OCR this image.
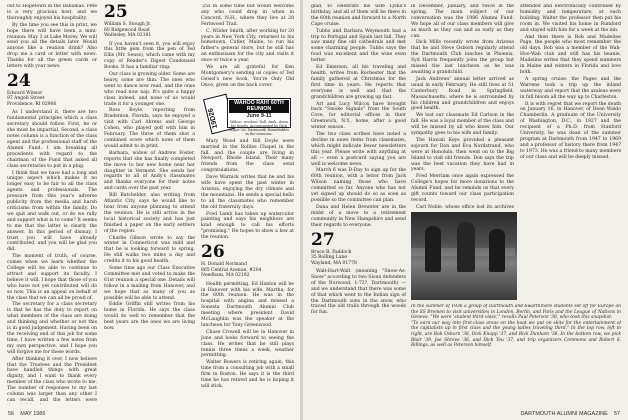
out to Hopetown in the Bahamas. Pete is a very gracious host, and we thoroughly enjoyed his hospitality.

By the time you see this in print, we hope there will have been a mini-reunion: May 3 at Lake Morey. We will send you all the details later. Would anyone like a reunion drink? Also drop me a card or letter with news. Thanks for all the green cards or letters with your news.

24
Edward Winsor
97 Angell Street
Providence, RI 02906

As I understand it, there are two fundamental principles which a class secretary should follow. First, he or she must be impartial. Second, a class notes column is a function of the class agent and the professional staff of the Alumni Fund. I am breaking all precedents with regard to the chairman of the Fund that asked all class secretaries to put in a plug.

I think that we have had a long and unique aspect which makes it no longer easy to be fair to all the class agents and professionals. The pressure from this year's adverse publicity from the media and harsh criticisms from within the family. Do we quit and walk out, or do we rally and support what is to come? It seems to me that the latter is clearly the answer. In this period of dismay, I trust you will have already contributed, and you will be glad you did.

The moment of truth, of course, comes when we learn whether the College will be able to continue to attract and support its faculty. I believe it will. I hope that those of you who have not yet contributed will do so now. This is an appeal on behalf of the class that we can all be proud of.

The secretary for a class secretary is that he has the duty to report on what members of the class are doing and thinking and whether or not this is in good judgement. Having been on the receiving end of this job for some time, I have written a few notes from my own perspective, and I hope you will forgive me for these words.

After thinking it over, I now believe that the Trustees and the President have handled things with great dignity, and I want to thank every member of the class who wrote to me. The number of responses to my last column was larger than any other I can recall, and the letters were

25
William S. Stough Jr.
60 Ridgewood Road
Wellesley, MA 02181

If you haven't seen it, you will enjoy this little gem from the pen of Ted Ellis (Mr. Seuss), which came with my copy of Reader's Digest Condensed Books. It has a familiar ring:

Our class is growing older. Some are heavy, some are thin. The ones who went to dance now read, and the ones who read now nap. It's quite a happy class indeed, and none of us would trade it for a younger one.

Ross Boyle, reporting from Bradenton, Florida, says he enjoyed a visit with Carl Ahrens and George Cohen, who played golf with him in February. The three of them shot a combined score which none of them would admit to in print.

Barbara, widow of Andrew Foster, reports that she has finally completed the move to her new home near her daughter in Vermont. She sends her regards to all of Andy's classmates and thanks everyone for their notes and cards over the past year.

Bill Batchelder, also writing from Atlantic City, says he would like to hear from anyone planning to attend the reunion. He is still active in the local historical society and has just finished a paper on the early settlers of the region.

Charlie Gibson wrote to say the winter in Connecticut was mild and that he is looking forward to spring. He still walks two miles a day and credits it to his good health.

Some time ago our Class Executive Committee met and voted to make the 61st reunion a special one. Details will follow in a mailing from Hanover, and we hope that as many of you as possible will be able to attend.

Eddie Griffin still writes from his home in Florida. He says the class would do well to remember that the best years are the ones we are living now.

'25s in some time but would welcome any who could drop in when in Concord, N.H., where they live at 28 Fernwood Trail.

C. Wilder Smith, after working for 20 years in New York City, returned to his hometown, Cutler, Maine, to run his father's general store, but he still has an enthusiasm for the city and visits it once or twice a year.

We are all grateful for Ken Montgomery's sending us copies of Ted Geisel's new book, You're Only Old Once, given on the back cover.

19D26
WAHOO RAH! 60TH REUNION
June 9-11
Wahoo, woohoo! Roll, dash, down for fourth. Accompanied by Dick Major '26. Dartmouth Roundtables in the reunions.

Mary Wood and Bill Doyle were married in the Rollins Chapel in the fall, and the couple are living in Newport, Rhode Island. Their many friends from the class send congratulations.

Dave Warnick writes that he and his wife have spent the past winter in Arizona, enjoying the dry climate and the mountains. He sends a special hello to all the classmates who remember the old fraternity days.

Fred Lamb has taken up watercolor painting and says his neighbors are kind enough to call his efforts "promising." He hopes to show a few at the reunion.

26
H. Donald Normand
865 Central Avenue, #204
Needham, MA 02192

Health permitting, Ed Hanlon will be in Hanover with his wife, Martha, for the 60th reunion. He was in the hospital with angina and missed a Sonesta Dartmouth Alumni Club meeting where president David McLaughlin was the speaker at the luncheon for Tony Greenwood.

Chase Crowell will be in Hanover in June and looks forward to seeing the class. He writes that he still plays tennis three times a week, weather permitting.

Walter Bowers is retiring again, this time from a consulting job with a small firm in Boston. He says it is the third time he has retired and he is hoping it will stick.

glad, to celebrate his wife Lydia's birthday, and all of them will be there in the 60th reunion and forward to a North Cape cruise.

Tubbs and Barbara Weymouth had a trip to Portugal and Spain last fall. They saw many fine old cathedrals and met some charming people. Tubbs says the food was excellent and the wine even better.

Ed Emerson, all his traveling and health, writes from Rochester that the family gathered at Christmas for the first time in years. He reports that everyone is well and that the grandchildren are growing up fast.

Art and Lucy Wilcox have brought back "Smoke Signals" from the South Cove, for editorial offices in their Greenwich, N.Y., home, after a good winter season.

The two class scribes have noted a decline in news items from classmates, which might indicate fewer newsletters this year. Please write with anything at all — even a postcard saying you are well is welcome news.

March 6 was D-Day to sign up for the 60th reunion, with a letter from Jack Wilson naming those who have committed so far. Anyone who has not yet signed up should do so as soon as possible so the committee can plan.

Dana and Helen Brewster are in the midst of a move to a retirement community in New Hampshire and send their regards to everyone.

27
Bruce B. Paddock
35 Rolling Lane
Wayland, MA 01778

Walt-Hart-Walt (meaning "Snow-As-Snow" according to two Sioux defenders of the Norwood, 1-72?, Dartmouth) — and we understand that there was some of that which went to the Indian sign of the Dartmouth sons in the snow, who traced the old trails through the woods for fun.

in December, January, and twice in the spring. The main subject of our conversation was the 1986 Alumni Fund. We hope all of our class members will give as much as they can and as early as they can.

Dick Mills recently wrote from Arizona that he and Steve Osborn regularly attend the Dartmouth Club lunches in Phoenix. Syd Harris frequently joins the group but missed the last luncheon as he was awaiting a grandchild.

Jack Andrews' annual letter arrived as usual in early February. He still lives at 51 Canterbury Road in Springfield, Massachusetts, where he is surrounded by his children and grandchildren and enjoys good health.

We lost our classmate Ed Carlson in the fall. He was a loyal member of the class and will be missed by all who knew him. Our sympathy goes to his wife and family.

The Hawaii Keys provided a pleasant sojourn for Don and Eva Nordstrand, who were at Honolulu, then went on to the Big Island to visit old friends. Don says the trip was the best vacation they have had in years.

Fred Merriam once again expressed the College's hopes for more donations to the Alumni Fund, and he reminds us that every gift counts toward our class participation record.

Carl Noble, whose office lost its archives

attended and electronically controlled by humidity and temperature, at each building. Walter the professor then put his room in. We visited his home in Rumford and stayed with him for a week at the inn.

And then there is Bob and Madeline Page, the people who most remember the old days. Bob was a member of the Wah-Hoo-Wah club and still has his beanie. Madeline writes that they spend summers in Maine and winters in Florida and love both.

A spring cruise: the Pages and the Warrens took a trip up the inland waterway and report that the azaleas were in full bloom all the way up to Charleston.

It is with regret that we report the death on January 16, in Hanover, of Dean Waldo Chamberlin. A graduate of the University of Washington, D.C., in 1927 and the recipient of a Ph.D. from Stanford University, he was dean of the summer program at Dartmouth from 1947 to 1969 and a professor of history there from 1947 to 1973. He was a friend to many members of our class and will be deeply missed.

In the summer of 1936 a group of Dartmouth and Swarthmore students set off for Europe on the SS Bremen to visit universities in London, Berlin, and Paris and the League of Nations in Geneva. "We were 'student third-class,'" recalls Paul Peterson '38, who took this snapshot.

"To earn our way into first-class areas on the boat we put on skits for the entertainment of the capitalists up in first class and the young ladies traveling third." In the top row, left to right, are Bob Osborn '38, Dick Knapp '37, and Rick Dunham '38. In the bottom row, we pick Blair '39, Joe Shreve '36, and Dick Teu '37, and trip organizers Commons and Robert S. Billings, as well as Peterson himself.

56 MAY 1986	DARTMOUTH ALUMNI MAGAZINE 57
